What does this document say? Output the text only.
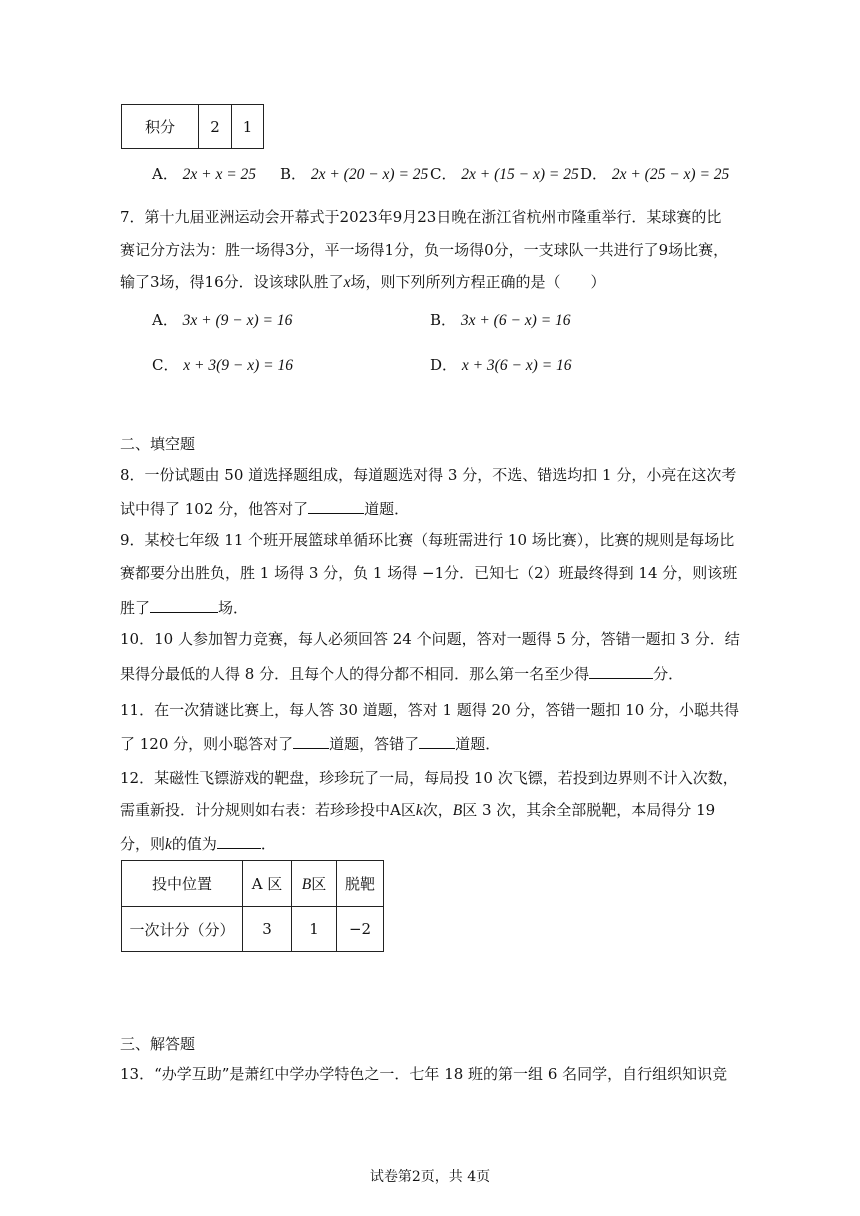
积分	2	1
A． 2x + x = 25 B． 2x + (20 − x) = 25 C． 2x + (15 − x) = 25 D． 2x + (25 − x) = 25
7．第十九届亚洲运动会开幕式于2023年9月23日晚在浙江省杭州市隆重举行．某球赛的比
赛记分方法为：胜一场得3分，平一场得1分，负一场得0分，一支球队一共进行了9场比赛，
输了3场，得16分．设该球队胜了x场，则下列所列方程正确的是（　　）
A． 3x + (9 − x) = 16	B． 3x + (6 − x) = 16
C． x + 3(9 − x) = 16	D． x + 3(6 − x) = 16
二、填空题
8．一份试题由 50 道选择题组成，每道题选对得 3 分，不选、错选均扣 1 分，小亮在这次考
试中得了 102 分，他答对了	道题．
9．某校七年级 11 个班开展篮球单循环比赛（每班需进行 10 场比赛），比赛的规则是每场比
赛都要分出胜负，胜 1 场得 3 分，负 1 场得 −1分．已知七（2）班最终得到 14 分，则该班
胜了	场．
10．10 人参加智力竞赛，每人必须回答 24 个问题，答对一题得 5 分，答错一题扣 3 分．结
果得分最低的人得 8 分．且每个人的得分都不相同．那么第一名至少得	分．
11．在一次猜谜比赛上，每人答 30 道题，答对 1 题得 20 分，答错一题扣 10 分，小聪共得
了 120 分，则小聪答对了 道题，答错了 道题．
12．某磁性飞镖游戏的靶盘，珍珍玩了一局，每局投 10 次飞镖，若投到边界则不计入次数，
需重新投．计分规则如右表：若珍珍投中A区k次，B区 3 次，其余全部脱靶，本局得分 19
分，则k的值为	．
投中位置	A 区	B区	脱靶
一次计分（分）	3	1	−2
三、解答题
13．“办学互助”是萧红中学办学特色之一．七年 18 班的第一组 6 名同学，自行组织知识竞
试卷第2页，共 4页
